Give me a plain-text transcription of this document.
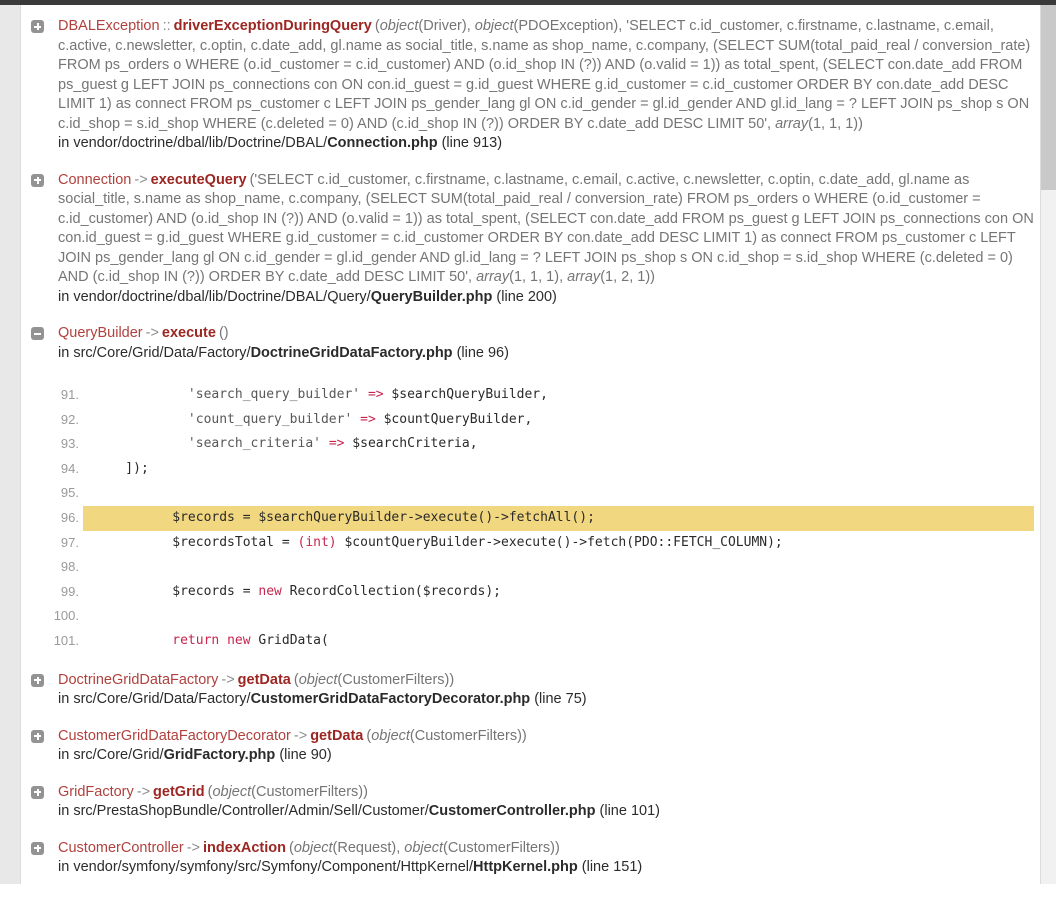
DBALException :: driverExceptionDuringQuery (object(Driver), object(PDOException), 'SELECT c.id_customer, c.firstname, c.lastname, c.email, c.active, c.newsletter, c.optin, c.date_add, gl.name as social_title, s.name as shop_name, c.company, (SELECT SUM(total_paid_real / conversion_rate) FROM ps_orders o WHERE (o.id_customer = c.id_customer) AND (o.id_shop IN (?)) AND (o.valid = 1)) as total_spent, (SELECT con.date_add FROM ps_guest g LEFT JOIN ps_connections con ON con.id_guest = g.id_guest WHERE g.id_customer = c.id_customer ORDER BY con.date_add DESC LIMIT 1) as connect FROM ps_customer c LEFT JOIN ps_gender_lang gl ON c.id_gender = gl.id_gender AND gl.id_lang = ? LEFT JOIN ps_shop s ON c.id_shop = s.id_shop WHERE (c.deleted = 0) AND (c.id_shop IN (?)) ORDER BY c.date_add DESC LIMIT 50', array(1, 1, 1))

in vendor/doctrine/dbal/lib/Doctrine/DBAL/Connection.php (line 913)

Connection -> executeQuery ('SELECT c.id_customer, c.firstname, c.lastname, c.email, c.active, c.newsletter, c.optin, c.date_add, gl.name as social_title, s.name as shop_name, c.company, (SELECT SUM(total_paid_real / conversion_rate) FROM ps_orders o WHERE (o.id_customer = c.id_customer) AND (o.id_shop IN (?)) AND (o.valid = 1)) as total_spent, (SELECT con.date_add FROM ps_guest g LEFT JOIN ps_connections con ON con.id_guest = g.id_guest WHERE g.id_customer = c.id_customer ORDER BY con.date_add DESC LIMIT 1) as connect FROM ps_customer c LEFT JOIN ps_gender_lang gl ON c.id_gender = gl.id_gender AND gl.id_lang = ? LEFT JOIN ps_shop s ON c.id_shop = s.id_shop WHERE (c.deleted = 0) AND (c.id_shop IN (?)) ORDER BY c.date_add DESC LIMIT 50', array(1, 1, 1), array(1, 2, 1))

in vendor/doctrine/dbal/lib/Doctrine/DBAL/Query/QueryBuilder.php (line 200)

QueryBuilder -> execute ()

in src/Core/Grid/Data/Factory/DoctrineGridDataFactory.php (line 96)

91.	'search_query_builder' => $searchQueryBuilder,
92.	'count_query_builder' => $countQueryBuilder,
93.	'search_criteria' => $searchCriteria,
94.	]);
95.

96.	$records = $searchQueryBuilder->execute()->fetchAll();
97.	$recordsTotal = (int) $countQueryBuilder->execute()->fetch(PDO::FETCH_COLUMN);
98.

99.	$records = new RecordCollection($records);
100.

101.	return new GridData(

DoctrineGridDataFactory -> getData (object(CustomerFilters))

in src/Core/Grid/Data/Factory/CustomerGridDataFactoryDecorator.php (line 75)

CustomerGridDataFactoryDecorator -> getData (object(CustomerFilters))

in src/Core/Grid/GridFactory.php (line 90)

GridFactory -> getGrid (object(CustomerFilters))

in src/PrestaShopBundle/Controller/Admin/Sell/Customer/CustomerController.php (line 101)

CustomerController -> indexAction (object(Request), object(CustomerFilters))

in vendor/symfony/symfony/src/Symfony/Component/HttpKernel/HttpKernel.php (line 151)
